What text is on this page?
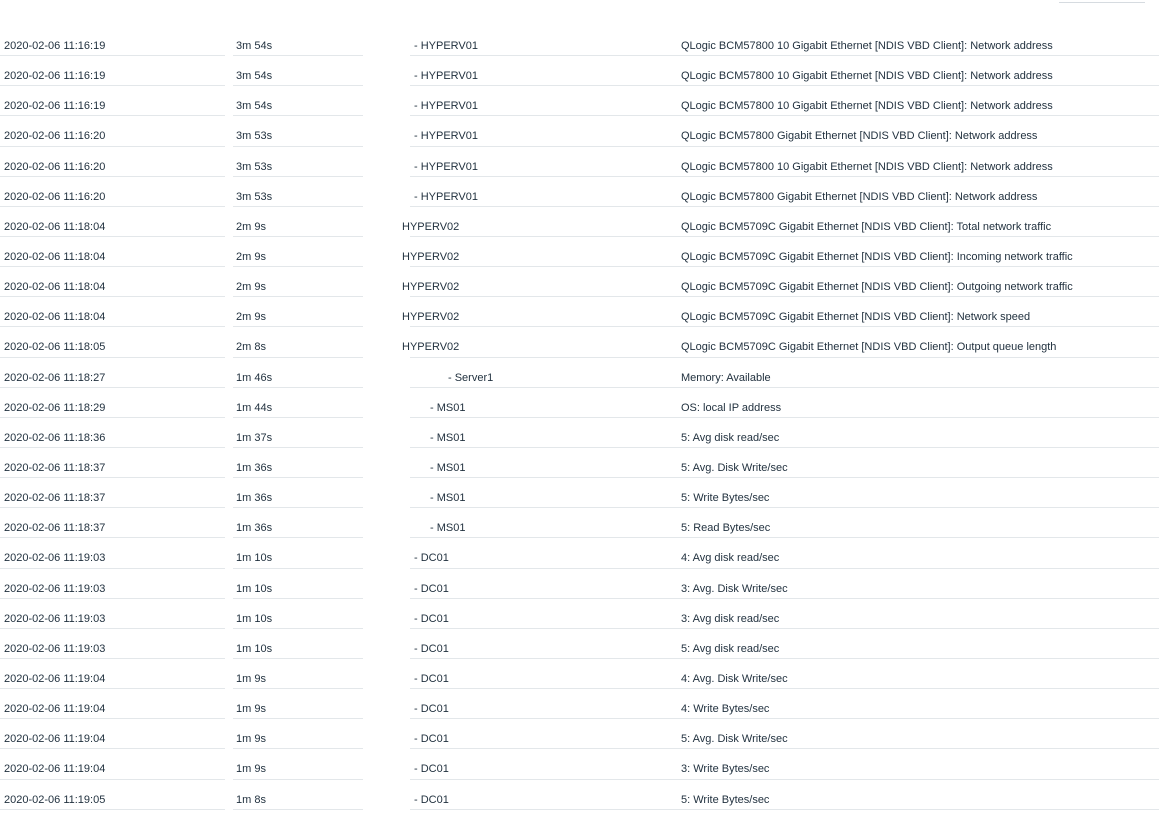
2020-02-06 11:16:19	3m 54s	- HYPERV01	QLogic BCM57800 10 Gigabit Ethernet [NDIS VBD Client]: Network address
2020-02-06 11:16:19	3m 54s	- HYPERV01	QLogic BCM57800 10 Gigabit Ethernet [NDIS VBD Client]: Network address
2020-02-06 11:16:19	3m 54s	- HYPERV01	QLogic BCM57800 10 Gigabit Ethernet [NDIS VBD Client]: Network address
2020-02-06 11:16:20	3m 53s	- HYPERV01	QLogic BCM57800 Gigabit Ethernet [NDIS VBD Client]: Network address
2020-02-06 11:16:20	3m 53s	- HYPERV01	QLogic BCM57800 10 Gigabit Ethernet [NDIS VBD Client]: Network address
2020-02-06 11:16:20	3m 53s	- HYPERV01	QLogic BCM57800 Gigabit Ethernet [NDIS VBD Client]: Network address
2020-02-06 11:18:04	2m 9s	HYPERV02	QLogic BCM5709C Gigabit Ethernet [NDIS VBD Client]: Total network traffic
2020-02-06 11:18:04	2m 9s	HYPERV02	QLogic BCM5709C Gigabit Ethernet [NDIS VBD Client]: Incoming network traffic
2020-02-06 11:18:04	2m 9s	HYPERV02	QLogic BCM5709C Gigabit Ethernet [NDIS VBD Client]: Outgoing network traffic
2020-02-06 11:18:04	2m 9s	HYPERV02	QLogic BCM5709C Gigabit Ethernet [NDIS VBD Client]: Network speed
2020-02-06 11:18:05	2m 8s	HYPERV02	QLogic BCM5709C Gigabit Ethernet [NDIS VBD Client]: Output queue length
2020-02-06 11:18:27	1m 46s	- Server1	Memory: Available
2020-02-06 11:18:29	1m 44s	- MS01	OS: local IP address
2020-02-06 11:18:36	1m 37s	- MS01	5: Avg disk read/sec
2020-02-06 11:18:37	1m 36s	- MS01	5: Avg. Disk Write/sec
2020-02-06 11:18:37	1m 36s	- MS01	5: Write Bytes/sec
2020-02-06 11:18:37	1m 36s	- MS01	5: Read Bytes/sec
2020-02-06 11:19:03	1m 10s	- DC01	4: Avg disk read/sec
2020-02-06 11:19:03	1m 10s	- DC01	3: Avg. Disk Write/sec
2020-02-06 11:19:03	1m 10s	- DC01	3: Avg disk read/sec
2020-02-06 11:19:03	1m 10s	- DC01	5: Avg disk read/sec
2020-02-06 11:19:04	1m 9s	- DC01	4: Avg. Disk Write/sec
2020-02-06 11:19:04	1m 9s	- DC01	4: Write Bytes/sec
2020-02-06 11:19:04	1m 9s	- DC01	5: Avg. Disk Write/sec
2020-02-06 11:19:04	1m 9s	- DC01	3: Write Bytes/sec
2020-02-06 11:19:05	1m 8s	- DC01	5: Write Bytes/sec
